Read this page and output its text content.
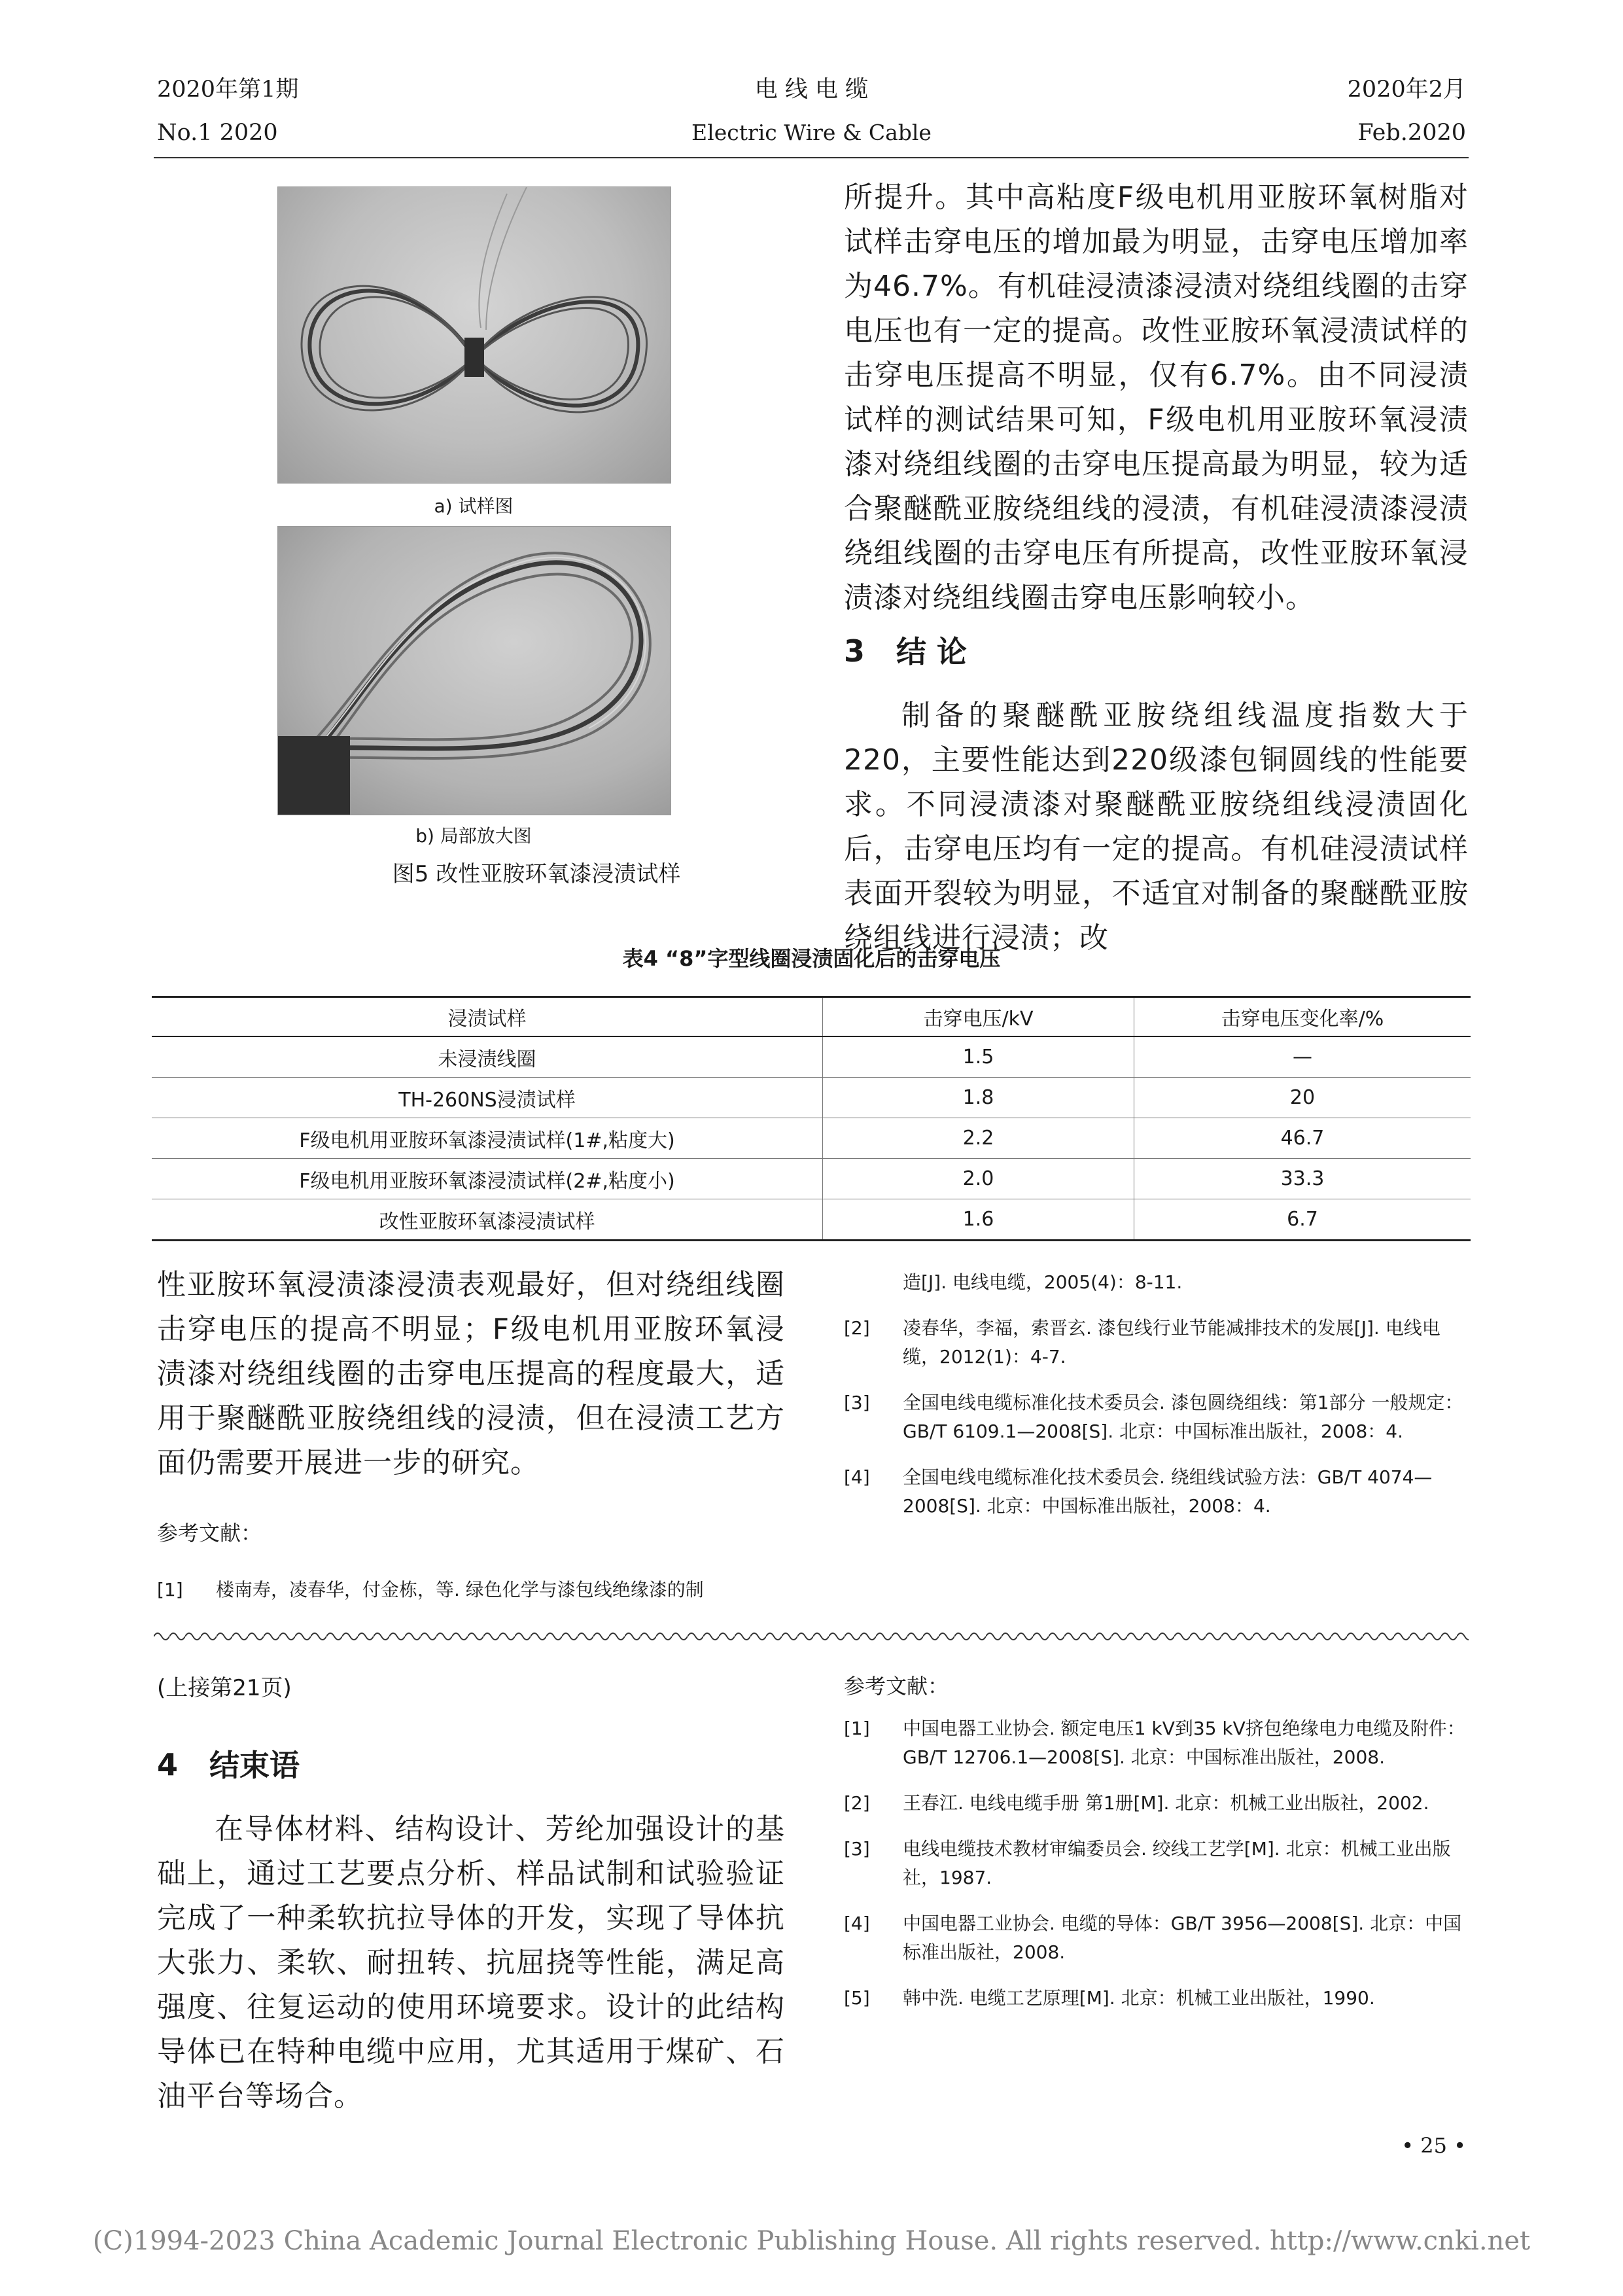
2020年第1期
No.1 2020
电 线 电 缆
Electric Wire & Cable
2020年2月
Feb.2020
a) 试样图
b) 局部放大图
图5 改性亚胺环氧漆浸渍试样
所提升。其中高粘度F级电机用亚胺环氧树脂对试样击穿电压的增加最为明显，击穿电压增加率为46.7%。有机硅浸渍漆浸渍对绕组线圈的击穿电压也有一定的提高。改性亚胺环氧浸渍试样的击穿电压提高不明显，仅有6.7%。由不同浸渍试样的测试结果可知，F级电机用亚胺环氧浸渍漆对绕组线圈的击穿电压提高最为明显，较为适合聚醚酰亚胺绕组线的浸渍，有机硅浸渍漆浸渍绕组线圈的击穿电压有所提高，改性亚胺环氧浸渍漆对绕组线圈击穿电压影响较小。
3 结 论
制备的聚醚酰亚胺绕组线温度指数大于220，主要性能达到220级漆包铜圆线的性能要求。不同浸渍漆对聚醚酰亚胺绕组线浸渍固化后，击穿电压均有一定的提高。有机硅浸渍试样表面开裂较为明显，不适宜对制备的聚醚酰亚胺绕组线进行浸渍；改
表4 “8”字型线圈浸渍固化后的击穿电压
浸渍试样	击穿电压/kV	击穿电压变化率/%
未浸渍线圈	1.5	—
TH-260NS浸渍试样	1.8	20
F级电机用亚胺环氧漆浸渍试样(1#,粘度大)	2.2	46.7
F级电机用亚胺环氧漆浸渍试样(2#,粘度小)	2.0	33.3
改性亚胺环氧漆浸渍试样	1.6	6.7
性亚胺环氧浸渍漆浸渍表观最好，但对绕组线圈击穿电压的提高不明显；F级电机用亚胺环氧浸渍漆对绕组线圈的击穿电压提高的程度最大，适用于聚醚酰亚胺绕组线的浸渍，但在浸渍工艺方面仍需要开展进一步的研究。
参考文献：
[1]	楼南寿，凌春华，付金栋，等. 绿色化学与漆包线绝缘漆的制
造[J]. 电线电缆，2005(4)：8-11.
[2]	凌春华，李福，索晋玄. 漆包线行业节能减排技术的发展[J]. 电线电缆，2012(1)：4-7.
[3]	全国电线电缆标准化技术委员会. 漆包圆绕组线：第1部分 一般规定：GB/T 6109.1—2008[S]. 北京：中国标准出版社，2008：4.
[4]	全国电线电缆标准化技术委员会. 绕组线试验方法：GB/T 4074—2008[S]. 北京：中国标准出版社，2008：4.
(上接第21页)
4 结束语
在导体材料、结构设计、芳纶加强设计的基础上，通过工艺要点分析、样品试制和试验验证完成了一种柔软抗拉导体的开发，实现了导体抗大张力、柔软、耐扭转、抗屈挠等性能，满足高强度、往复运动的使用环境要求。设计的此结构导体已在特种电缆中应用，尤其适用于煤矿、石油平台等场合。
参考文献：
[1]	中国电器工业协会. 额定电压1 kV到35 kV挤包绝缘电力电缆及附件：GB/T 12706.1—2008[S]. 北京：中国标准出版社，2008.
[2]	王春江. 电线电缆手册 第1册[M]. 北京：机械工业出版社，2002.
[3]	电线电缆技术教材审编委员会. 绞线工艺学[M]. 北京：机械工业出版社，1987.
[4]	中国电器工业协会. 电缆的导体：GB/T 3956—2008[S]. 北京：中国标准出版社，2008.
[5]	韩中洗. 电缆工艺原理[M]. 北京：机械工业出版社，1990.
• 25 •
(C)1994-2023 China Academic Journal Electronic Publishing House. All rights reserved. http://www.cnki.net
